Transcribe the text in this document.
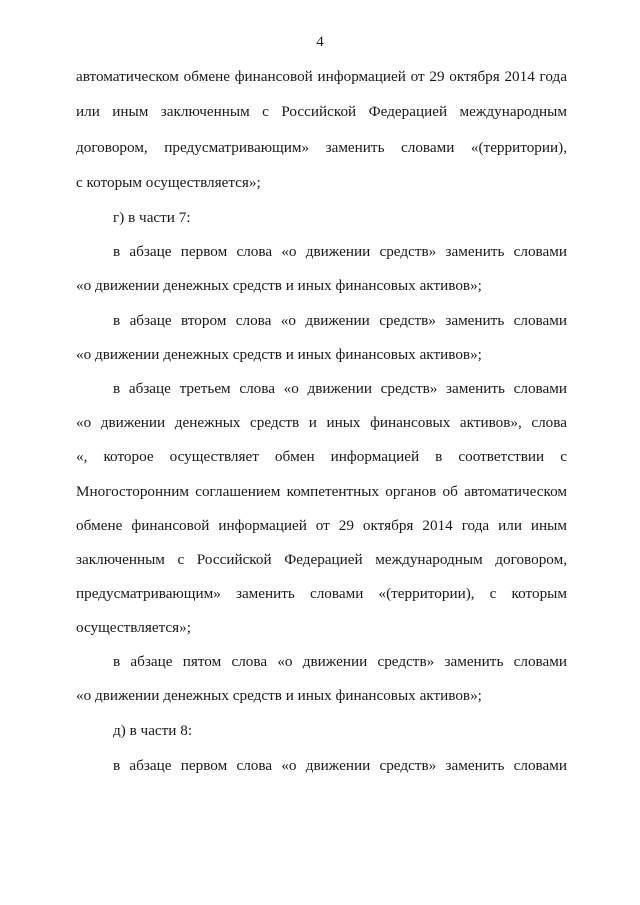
4
автоматическом обмене финансовой информацией от 29 октября 2014 года
или иным заключенным с Российской Федерацией международным
договором, предусматривающим» заменить словами «(территории),
с которым осуществляется»;
г) в части 7:
в абзаце первом слова «о движении средств» заменить словами
«о движении денежных средств и иных финансовых активов»;
в абзаце втором слова «о движении средств» заменить словами
«о движении денежных средств и иных финансовых активов»;
в абзаце третьем слова «о движении средств» заменить словами
«о движении денежных средств и иных финансовых активов», слова
«, которое осуществляет обмен информацией в соответствии с
Многосторонним соглашением компетентных органов об автоматическом
обмене финансовой информацией от 29 октября 2014 года или иным
заключенным с Российской Федерацией международным договором,
предусматривающим» заменить словами «(территории), с которым
осуществляется»;
в абзаце пятом слова «о движении средств» заменить словами
«о движении денежных средств и иных финансовых активов»;
д) в части 8:
в абзаце первом слова «о движении средств» заменить словами
